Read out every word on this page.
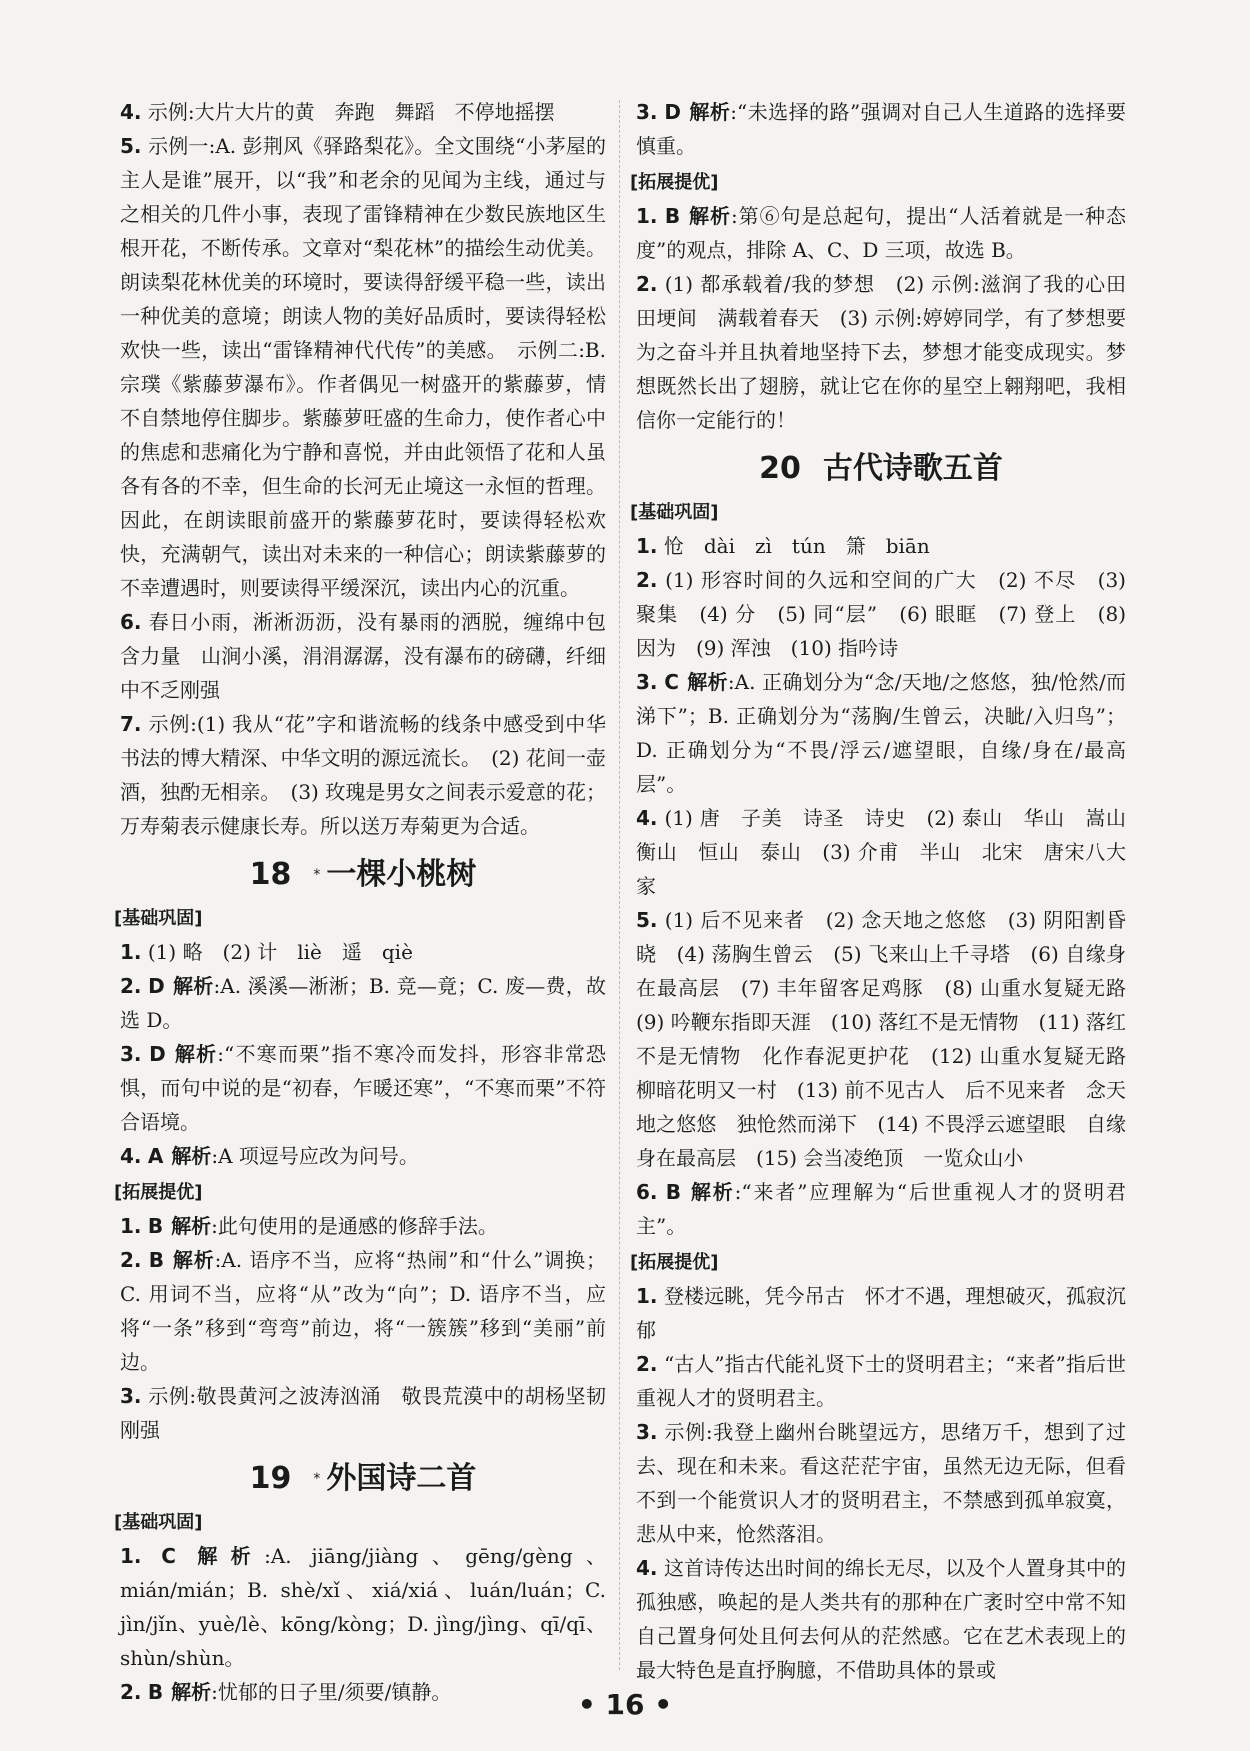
4. 示例:大片大片的黄　奔跑　舞蹈　不停地摇摆

5. 示例一:A. 彭荆风《驿路梨花》。全文围绕“小茅屋的主人是谁”展开，以“我”和老余的见闻为主线，通过与之相关的几件小事，表现了雷锋精神在少数民族地区生根开花，不断传承。文章对“梨花林”的描绘生动优美。朗读梨花林优美的环境时，要读得舒缓平稳一些，读出一种优美的意境；朗读人物的美好品质时，要读得轻松欢快一些，读出“雷锋精神代代传”的美感。　示例二:B. 宗璞《紫藤萝瀑布》。作者偶见一树盛开的紫藤萝，情不自禁地停住脚步。紫藤萝旺盛的生命力，使作者心中的焦虑和悲痛化为宁静和喜悦，并由此领悟了花和人虽各有各的不幸，但生命的长河无止境这一永恒的哲理。因此，在朗读眼前盛开的紫藤萝花时，要读得轻松欢快，充满朝气，读出对未来的一种信心；朗读紫藤萝的不幸遭遇时，则要读得平缓深沉，读出内心的沉重。

6. 春日小雨，淅淅沥沥，没有暴雨的洒脱，缠绵中包含力量　山涧小溪，涓涓潺潺，没有瀑布的磅礴，纤细中不乏刚强

7. 示例:(1) 我从“花”字和谐流畅的线条中感受到中华书法的博大精深、中华文明的源远流长。　(2) 花间一壶酒，独酌无相亲。　(3) 玫瑰是男女之间表示爱意的花；万寿菊表示健康长寿。所以送万寿菊更为合适。

18 * 一棵小桃树
[基础巩固]

1. (1) 略　(2) 计　liè　遥　qiè

2. D 解析:A. 溪溪—淅淅；B. 竞—竟；C. 废—费，故选 D。

3. D 解析:“不寒而栗”指不寒冷而发抖，形容非常恐惧，而句中说的是“初春，乍暖还寒”，“不寒而栗”不符合语境。

4. A 解析:A 项逗号应改为问号。

[拓展提优]

1. B 解析:此句使用的是通感的修辞手法。

2. B 解析:A. 语序不当，应将“热闹”和“什么”调换；C. 用词不当，应将“从”改为“向”；D. 语序不当，应将“一条”移到“弯弯”前边，将“一簇簇”移到“美丽”前边。

3. 示例:敬畏黄河之波涛汹涌　敬畏荒漠中的胡杨坚韧刚强

19 * 外国诗二首
[基础巩固]

1. C 解析:A. jiāng/jiàng、gēng/gèng、mián/mián；B. shè/xǐ、xiá/xiá、luán/luán；C. jìn/jǐn、yuè/lè、kōng/kòng；D. jìng/jìng、qī/qī、shùn/shùn。

2. B 解析:忧郁的日子里/须要/镇静。

3. D 解析:“未选择的路”强调对自己人生道路的选择要慎重。

[拓展提优]

1. B 解析:第⑥句是总起句，提出“人活着就是一种态度”的观点，排除 A、C、D 三项，故选 B。

2. (1) 都承载着/我的梦想　(2) 示例:滋润了我的心田　田埂间　满载着春天　(3) 示例:婷婷同学，有了梦想要为之奋斗并且执着地坚持下去，梦想才能变成现实。梦想既然长出了翅膀，就让它在你的星空上翱翔吧，我相信你一定能行的！

20 古代诗歌五首
[基础巩固]

1. 怆　dài　zì　tún　箫　biān

2. (1) 形容时间的久远和空间的广大　(2) 不尽　(3) 聚集　(4) 分　(5) 同“层”　(6) 眼眶　(7) 登上　(8) 因为　(9) 浑浊　(10) 指吟诗

3. C 解析:A. 正确划分为“念/天地/之悠悠，独/怆然/而涕下”；B. 正确划分为“荡胸/生曾云，决眦/入归鸟”；D. 正确划分为“不畏/浮云/遮望眼，自缘/身在/最高层”。

4. (1) 唐　子美　诗圣　诗史　(2) 泰山　华山　嵩山　衡山　恒山　泰山　(3) 介甫　半山　北宋　唐宋八大家

5. (1) 后不见来者　(2) 念天地之悠悠　(3) 阴阳割昏晓　(4) 荡胸生曾云　(5) 飞来山上千寻塔　(6) 自缘身在最高层　(7) 丰年留客足鸡豚　(8) 山重水复疑无路　(9) 吟鞭东指即天涯　(10) 落红不是无情物　(11) 落红不是无情物　化作春泥更护花　(12) 山重水复疑无路　柳暗花明又一村　(13) 前不见古人　后不见来者　念天地之悠悠　独怆然而涕下　(14) 不畏浮云遮望眼　自缘身在最高层　(15) 会当凌绝顶　一览众山小

6. B 解析:“来者”应理解为“后世重视人才的贤明君主”。

[拓展提优]

1. 登楼远眺，凭今吊古　怀才不遇，理想破灭，孤寂沉郁

2. “古人”指古代能礼贤下士的贤明君主；“来者”指后世重视人才的贤明君主。

3. 示例:我登上幽州台眺望远方，思绪万千，想到了过去、现在和未来。看这茫茫宇宙，虽然无边无际，但看不到一个能赏识人才的贤明君主，不禁感到孤单寂寞，悲从中来，怆然落泪。

4. 这首诗传达出时间的绵长无尽，以及个人置身其中的孤独感，唤起的是人类共有的那种在广袤时空中常不知自己置身何处且何去何从的茫然感。它在艺术表现上的最大特色是直抒胸臆，不借助具体的景或

• 16 •
